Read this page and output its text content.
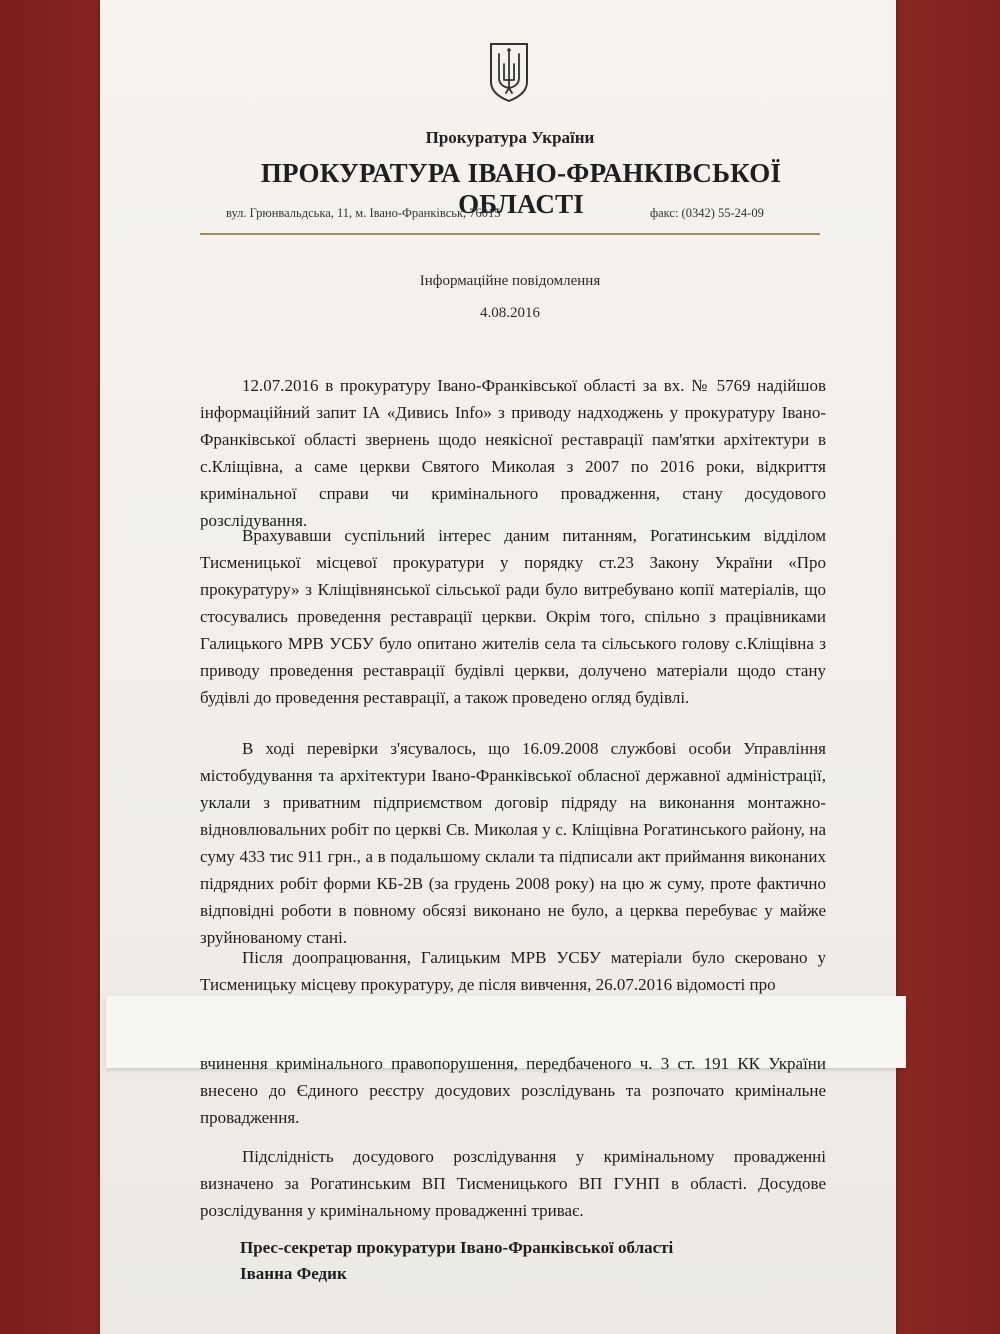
Прокуратура України
ПРОКУРАТУРА ІВАНО-ФРАНКІВСЬКОЇ ОБЛАСТІ
вул. Грюнвальдська, 11, м. Івано-Франківськ, 76015	факс: (0342) 55-24-09
Інформаційне повідомлення
4.08.2016
12.07.2016 в прокуратуру Івано-Франківської області за вх. № 5769 надійшов інформаційний запит ІА «Дивись Info» з приводу надходжень у прокуратуру Івано-Франківської області звернень щодо неякісної реставрації пам'ятки архітектури в с.Кліщівна, а саме церкви Святого Миколая з 2007 по 2016 роки, відкриття кримінальної справи чи кримінального провадження, стану досудового розслідування.
Врахувавши суспільний інтерес даним питанням, Рогатинським відділом Тисменицької місцевої прокуратури у порядку ст.23 Закону України «Про прокуратуру» з Кліщівнянської сільської ради було витребувано копії матеріалів, що стосувались проведення реставрації церкви. Окрім того, спільно з працівниками Галицького МРВ УСБУ було опитано жителів села та сільського голову с.Кліщівна з приводу проведення реставрації будівлі церкви, долучено матеріали щодо стану будівлі до проведення реставрації, а також проведено огляд будівлі.
В ході перевірки з'ясувалось, що 16.09.2008 службові особи Управління містобудування та архітектури Івано-Франківської обласної державної адміністрації, уклали з приватним підприємством договір підряду на виконання монтажно-відновлювальних робіт по церкві Св. Миколая у с. Кліщівна Рогатинського району, на суму 433 тис 911 грн., а в подальшому склали та підписали акт приймання виконаних підрядних робіт форми КБ-2В (за грудень 2008 року) на цю ж суму, проте фактично відповідні роботи в повному обсязі виконано не було, а церква перебуває у майже зруйнованому стані.
Після доопрацювання, Галицьким МРВ УСБУ матеріали було скеровано у Тисменицьку місцеву прокуратуру, де після вивчення, 26.07.2016 відомості про
вчинення кримінального правопорушення, передбаченого ч. 3 ст. 191 КК України внесено до Єдиного реєстру досудових розслідувань та розпочато кримінальне провадження.
Підслідність досудового розслідування у кримінальному провадженні визначено за Рогатинським ВП Тисменицького ВП ГУНП в області. Досудове розслідування у кримінальному провадженні триває.
Прес-секретар прокуратури Івано-Франківської області
Іванна Федик
